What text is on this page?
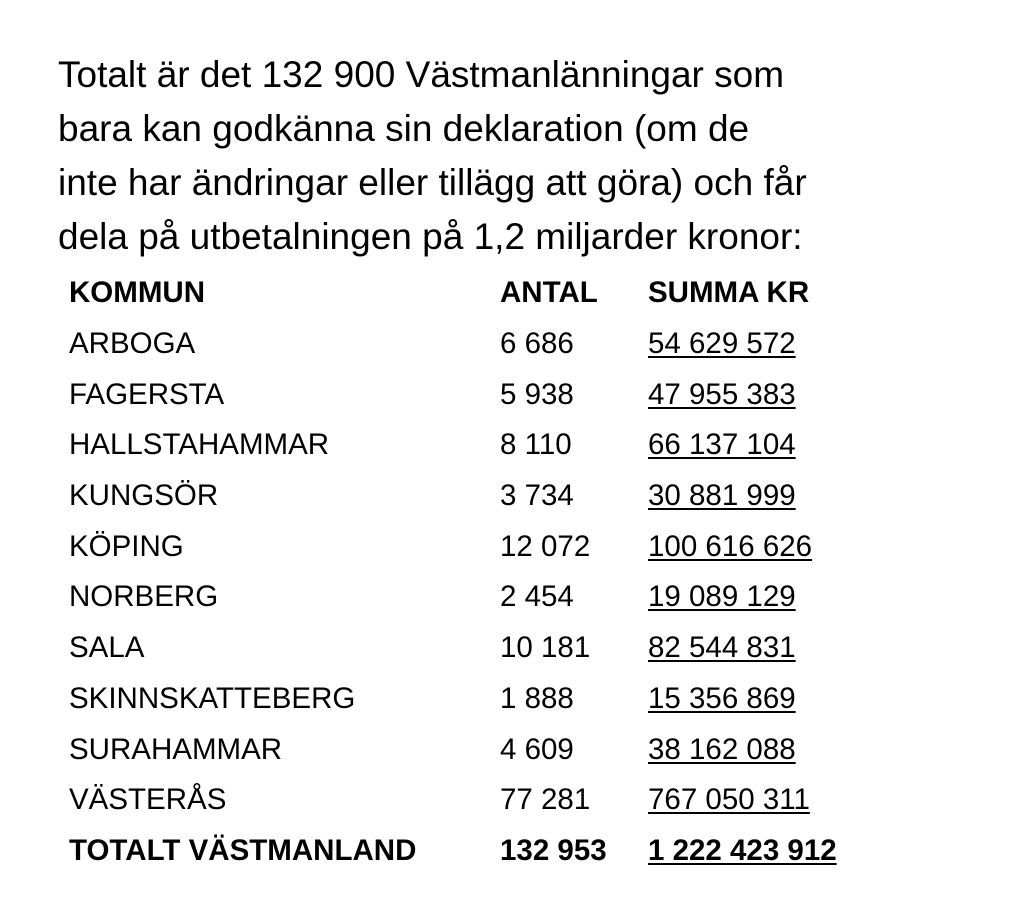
Totalt är det 132 900 Västmanlänningar som
bara kan godkänna sin deklaration (om de
inte har ändringar eller tillägg att göra) och får
dela på utbetalningen på 1,2 miljarder kronor:

KOMMUN	ANTAL	SUMMA KR
ARBOGA	6 686	54 629 572
FAGERSTA	5 938	47 955 383
HALLSTAHAMMAR	8 110	66 137 104
KUNGSÖR	3 734	30 881 999
KÖPING	12 072	100 616 626
NORBERG	2 454	19 089 129
SALA	10 181	82 544 831
SKINNSKATTEBERG	1 888	15 356 869
SURAHAMMAR	4 609	38 162 088
VÄSTERÅS	77 281	767 050 311
TOTALT VÄSTMANLAND	132 953	1 222 423 912
